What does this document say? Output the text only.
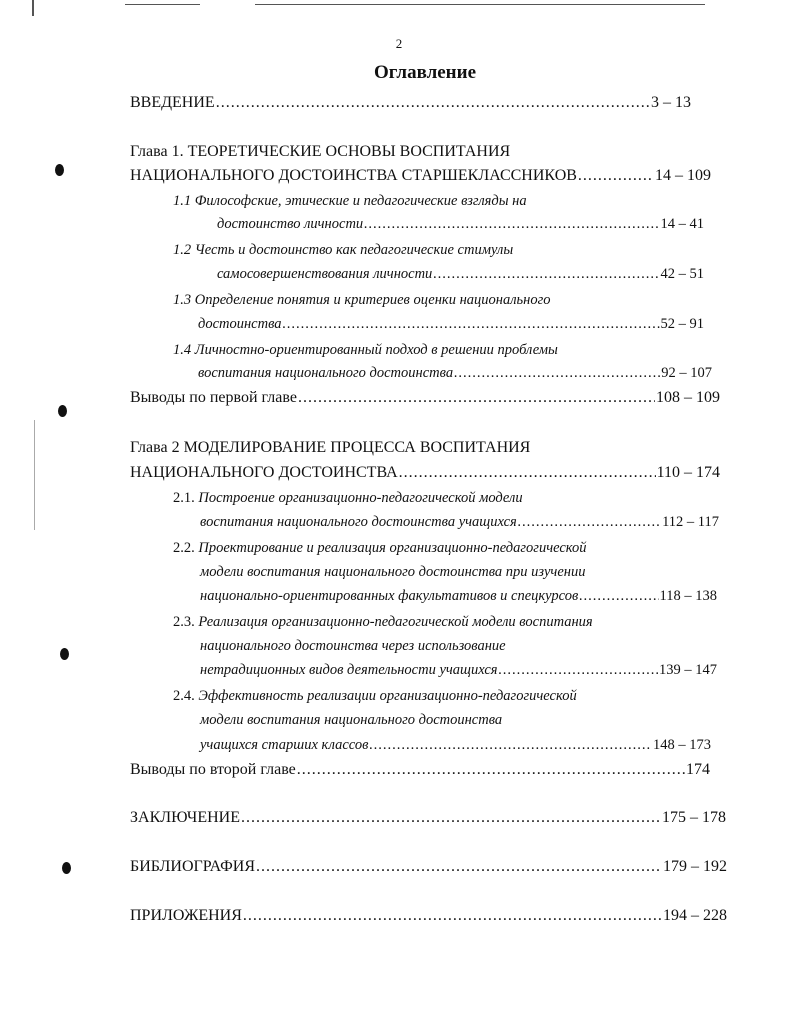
2
Оглавление
ВВЕДЕНИЕ .....	3 – 13
Глава 1. ТЕОРЕТИЧЕСКИЕ ОСНОВЫ ВОСПИТАНИЯ
НАЦИОНАЛЬНОГО ДОСТОИНСТВА СТАРШЕКЛАССНИКОВ .....	14 – 109
1.1 Философские, этические и педагогические взгляды на
достоинство личности .....	14 – 41
1.2 Честь и достоинство как педагогические стимулы
самосовершенствования личности .....	42 – 51
1.3 Определение понятия и критериев оценки национального
достоинства .....	52 – 91
1.4 Личностно-ориентированный подход в решении проблемы
воспитания национального достоинства .....	92 – 107
Выводы по первой главе .....	108 – 109
Глава 2 МОДЕЛИРОВАНИЕ ПРОЦЕССА ВОСПИТАНИЯ
НАЦИОНАЛЬНОГО ДОСТОИНСТВА .....	110 – 174
2.1. Построение организационно-педагогической модели
воспитания национального достоинства учащихся .....	112 – 117
2.2. Проектирование и реализация организационно-педагогической
модели воспитания национального достоинства при изучении
национально-ориентированных факультативов и спецкурсов .....	118 – 138
2.3. Реализация организационно-педагогической модели воспитания
национального достоинства через использование
нетрадиционных видов деятельности учащихся .....	139 – 147
2.4. Эффективность реализации организационно-педагогической
модели воспитания национального достоинства
учащихся старших классов .....	148 – 173
Выводы по второй главе .....	174
ЗАКЛЮЧЕНИЕ .....	175 – 178
БИБЛИОГРАФИЯ .....	179 – 192
ПРИЛОЖЕНИЯ .....	194 – 228
